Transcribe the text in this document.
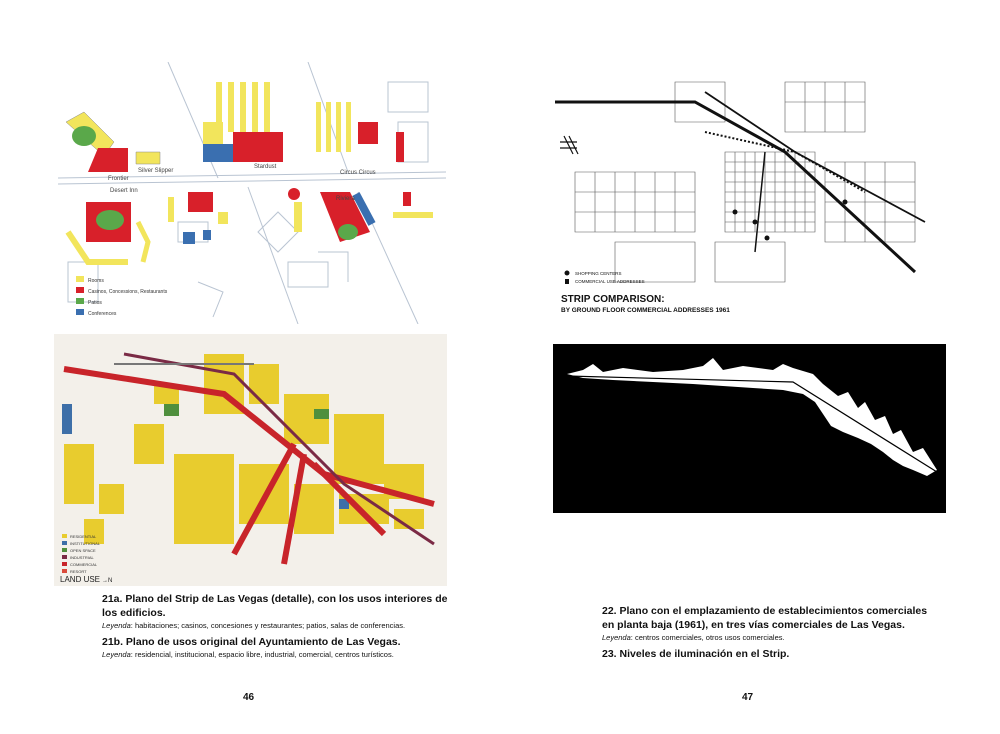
Frontier
Silver Slipper
Stardust
Desert Inn
Circus Circus
Riviera
Rooms
Casinos, Concessions, Restaurants
Patios
Conferences
RESIDENTIAL
INSTITUTIONAL
OPEN SPACE
INDUSTRIAL
COMMERCIAL
RESORT
LAND USE →N
SHOPPING CENTERS
COMMERCIAL USE ADDRESSES
STRIP COMPARISON:
BY GROUND FLOOR COMMERCIAL ADDRESSES 1961

21a. Plano del Strip de Las Vegas (detalle), con los usos interiores de los edificios.

Leyenda: habitaciones; casinos, concesiones y restaurantes; patios, salas de conferencias.

21b. Plano de usos original del Ayuntamiento de Las Vegas.

Leyenda: residencial, institucional, espacio libre, industrial, comercial, centros turísticos.

22. Plano con el emplazamiento de establecimientos comerciales en planta baja (1961), en tres vías comerciales de Las Vegas.

Leyenda: centros comerciales, otros usos comerciales.

23. Niveles de iluminación en el Strip.

46	47
